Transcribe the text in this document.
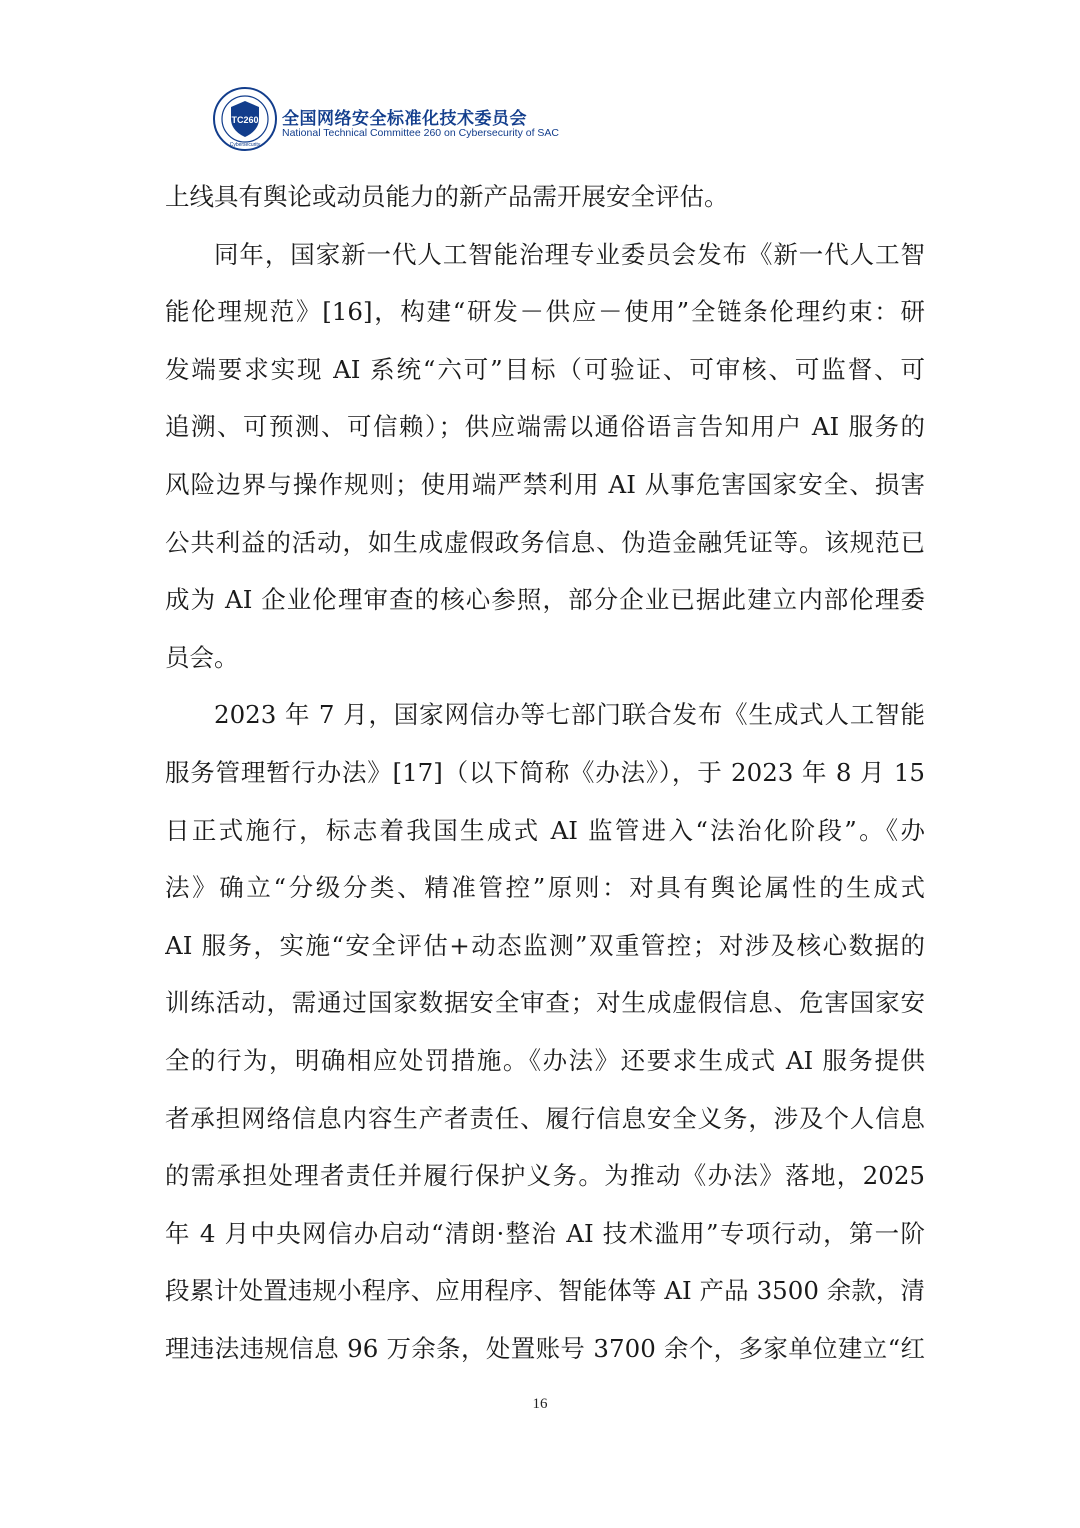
TC260
Cybersecurity
全国网络安全标准化技术委员会
National Technical Committee 260 on Cybersecurity of SAC
上线具有舆论或动员能力的新产品需开展安全评估。
同年，国家新一代人工智能治理专业委员会发布《新一代人工智
能伦理规范》[16]，构建“研发－供应－使用”全链条伦理约束：研
发端要求实现 AI 系统“六可”目标（可验证、可审核、可监督、可
追溯、可预测、可信赖）；供应端需以通俗语言告知用户 AI 服务的
风险边界与操作规则；使用端严禁利用 AI 从事危害国家安全、损害
公共利益的活动，如生成虚假政务信息、伪造金融凭证等。该规范已
成为 AI 企业伦理审查的核心参照，部分企业已据此建立内部伦理委
员会。
2023 年 7 月，国家网信办等七部门联合发布《生成式人工智能
服务管理暂行办法》[17]（以下简称《办法》），于 2023 年 8 月 15
日正式施行，标志着我国生成式 AI 监管进入“法治化阶段”。《办
法》确立“分级分类、精准管控”原则：对具有舆论属性的生成式
AI 服务，实施“安全评估+动态监测”双重管控；对涉及核心数据的
训练活动，需通过国家数据安全审查；对生成虚假信息、危害国家安
全的行为，明确相应处罚措施。《办法》还要求生成式 AI 服务提供
者承担网络信息内容生产者责任、履行信息安全义务，涉及个人信息
的需承担处理者责任并履行保护义务。为推动《办法》落地，2025
年 4 月中央网信办启动“清朗·整治 AI 技术滥用”专项行动，第一阶
段累计处置违规小程序、应用程序、智能体等 AI 产品 3500 余款，清
理违法违规信息 96 万余条，处置账号 3700 余个，多家单位建立“红
16
